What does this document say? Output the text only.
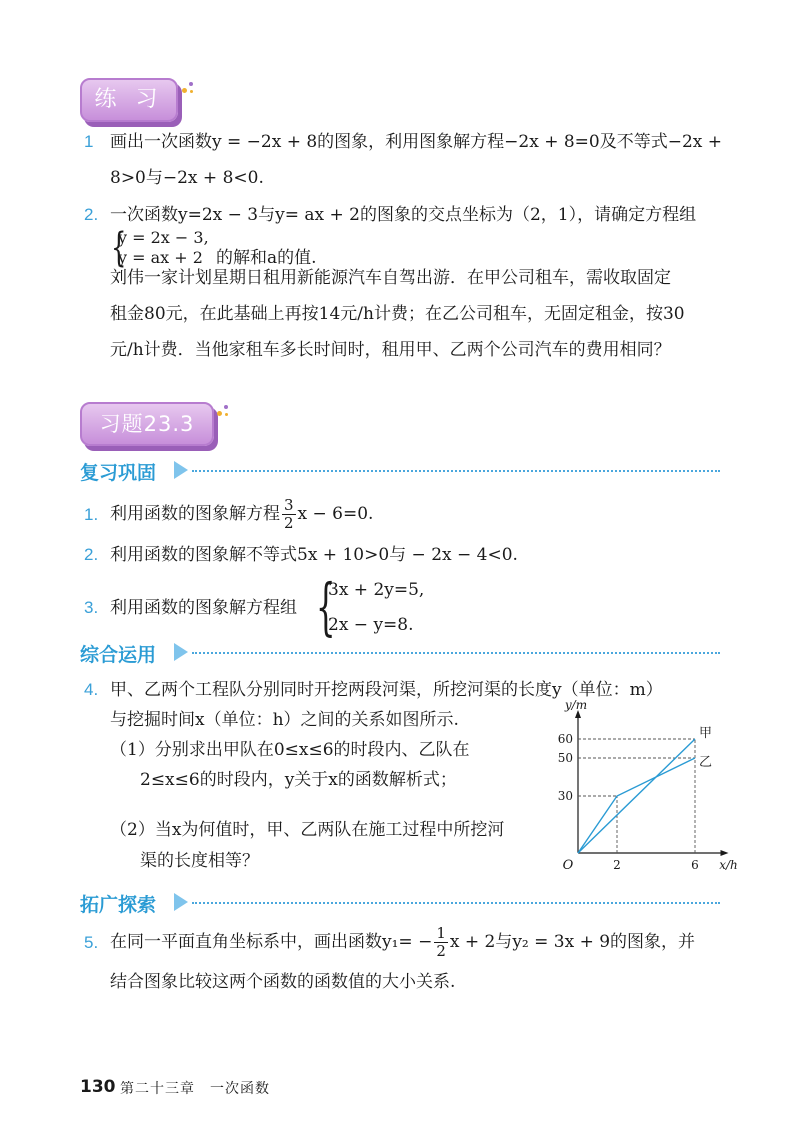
练 习
1 画出一次函数y = −2x + 8的图象，利用图象解方程−2x + 8=0及不等式−2x +
8>0与−2x + 8<0.
2. 一次函数y=2x − 3与y= ax + 2的图象的交点坐标为（2，1），请确定方程组
{
y = 2x − 3,
y = ax + 2 的解和a的值.
刘伟一家计划星期日租用新能源汽车自驾出游．在甲公司租车，需收取固定
租金80元，在此基础上再按14元/h计费；在乙公司租车，无固定租金，按30
元/h计费．当他家租车多长时间时，租用甲、乙两个公司汽车的费用相同？
习题23.3
复习巩固
1. 利用函数的图象解方程 $\frac{3}{2}$ x − 6=0.
2. 利用函数的图象解不等式5x + 10>0与 − 2x − 4<0.
3. 利用函数的图象解方程组 {
3x + 2y=5,
2x − y=8.
综合运用
4. 甲、乙两个工程队分别同时开挖两段河渠，所挖河渠的长度y（单位：m）
与挖掘时间x（单位：h）之间的关系如图所示.
（1）分别求出甲队在0≤x≤6的时段内、乙队在
2≤x≤6的时段内，y关于x的函数解析式；
（2）当x为何值时，甲、乙两队在施工过程中所挖河
渠的长度相等？
30
50
60
2	6
甲
乙
O
y/m
x/h
拓广探索
5. 在同一平面直角坐标系中，画出函数$y_1= - \frac{1}{2}$ x + 2与y₂ = 3x + 9的图象，并
结合图象比较这两个函数的函数值的大小关系.
130 第二十三章　一次函数
